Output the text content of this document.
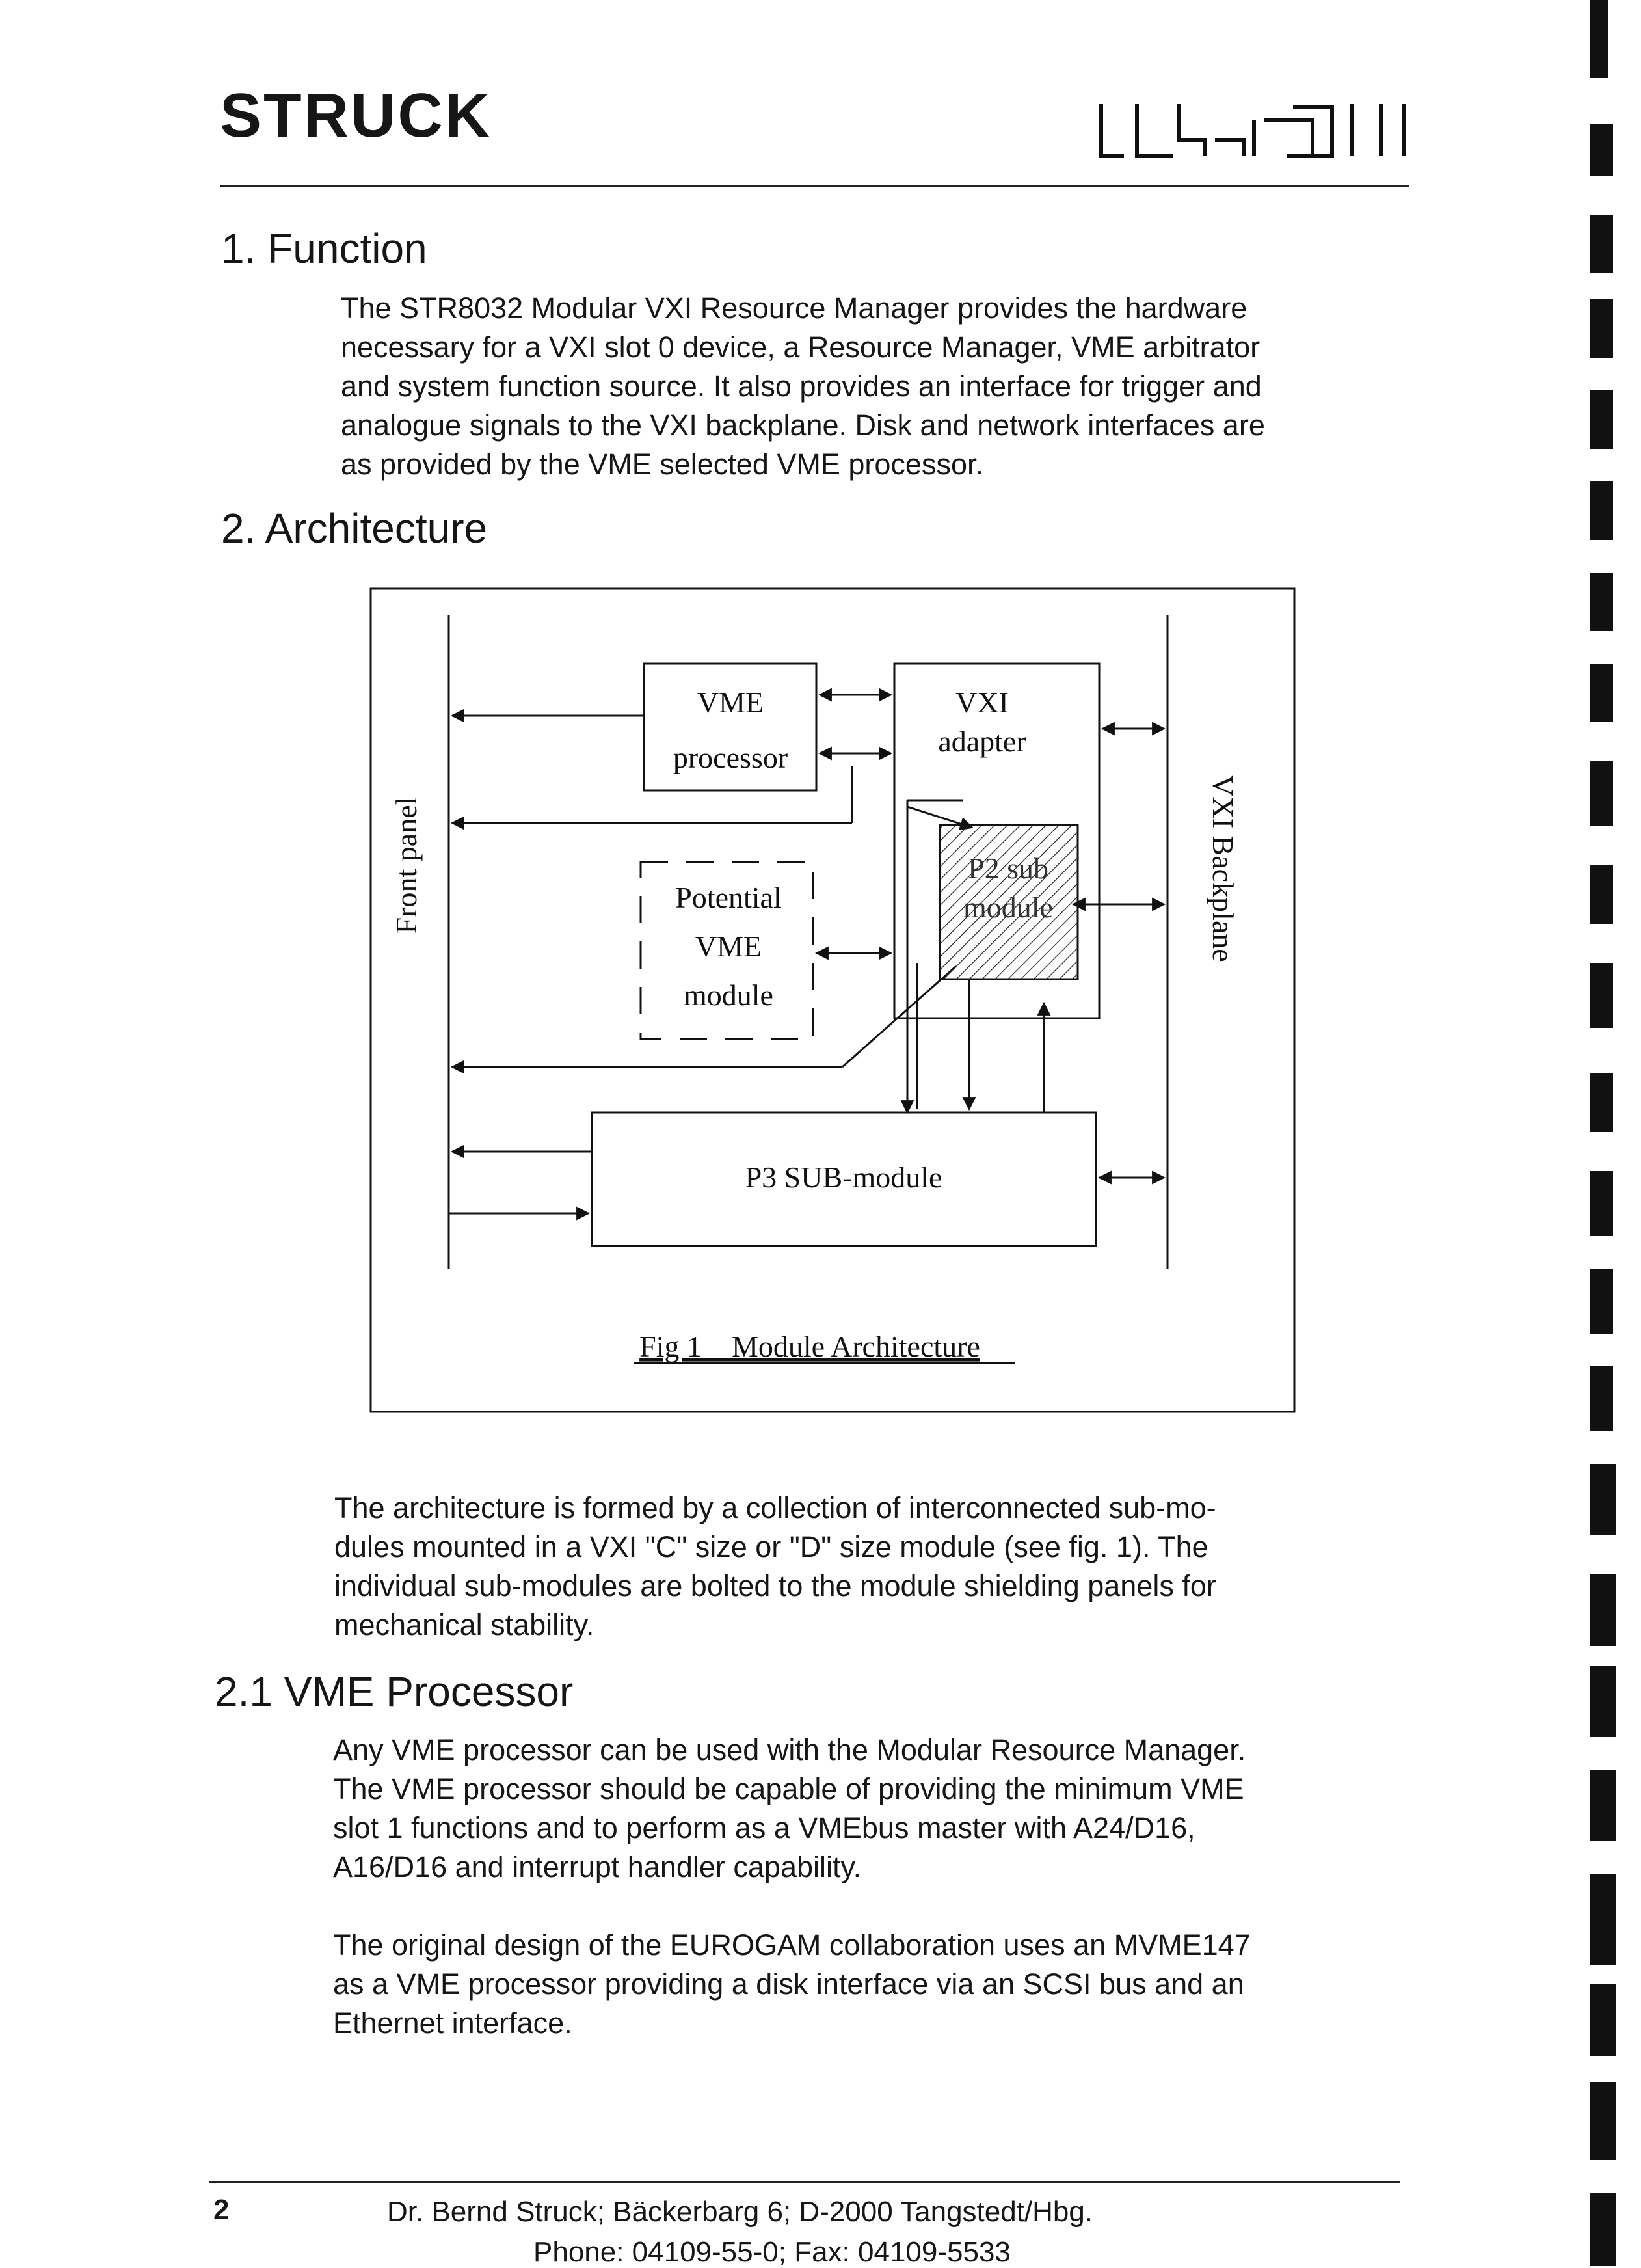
STRUCK
1. Function
The STR8032 Modular VXI Resource Manager provides the hardware
necessary for a VXI slot 0 device, a Resource Manager, VME arbitrator
and system function source. It also provides an interface for trigger and
analogue signals to the VXI backplane. Disk and network interfaces are
as provided by the VME selected VME processor.
2. Architecture
VME
processor
VXI
adapter
P2 sub
module
Potential
VME
module
P3 SUB-module
Front panel	VXI Backplane
Fig 1    Module Architecture
The architecture is formed by a collection of interconnected sub-mo-
dules mounted in a VXI "C" size or "D" size module (see fig. 1). The
individual sub-modules are bolted to the module shielding panels for
mechanical stability.
2.1 VME Processor
Any VME processor can be used with the Modular Resource Manager.
The VME processor should be capable of providing the minimum VME
slot 1 functions and to perform as a VMEbus master with A24/D16,
A16/D16 and interrupt handler capability.
The original design of the EUROGAM collaboration uses an MVME147
as a VME processor providing a disk interface via an SCSI bus and an
Ethernet interface.
2	Dr. Bernd Struck; Bäckerbarg 6; D-2000 Tangstedt/Hbg.
Phone: 04109-55-0; Fax: 04109-5533
